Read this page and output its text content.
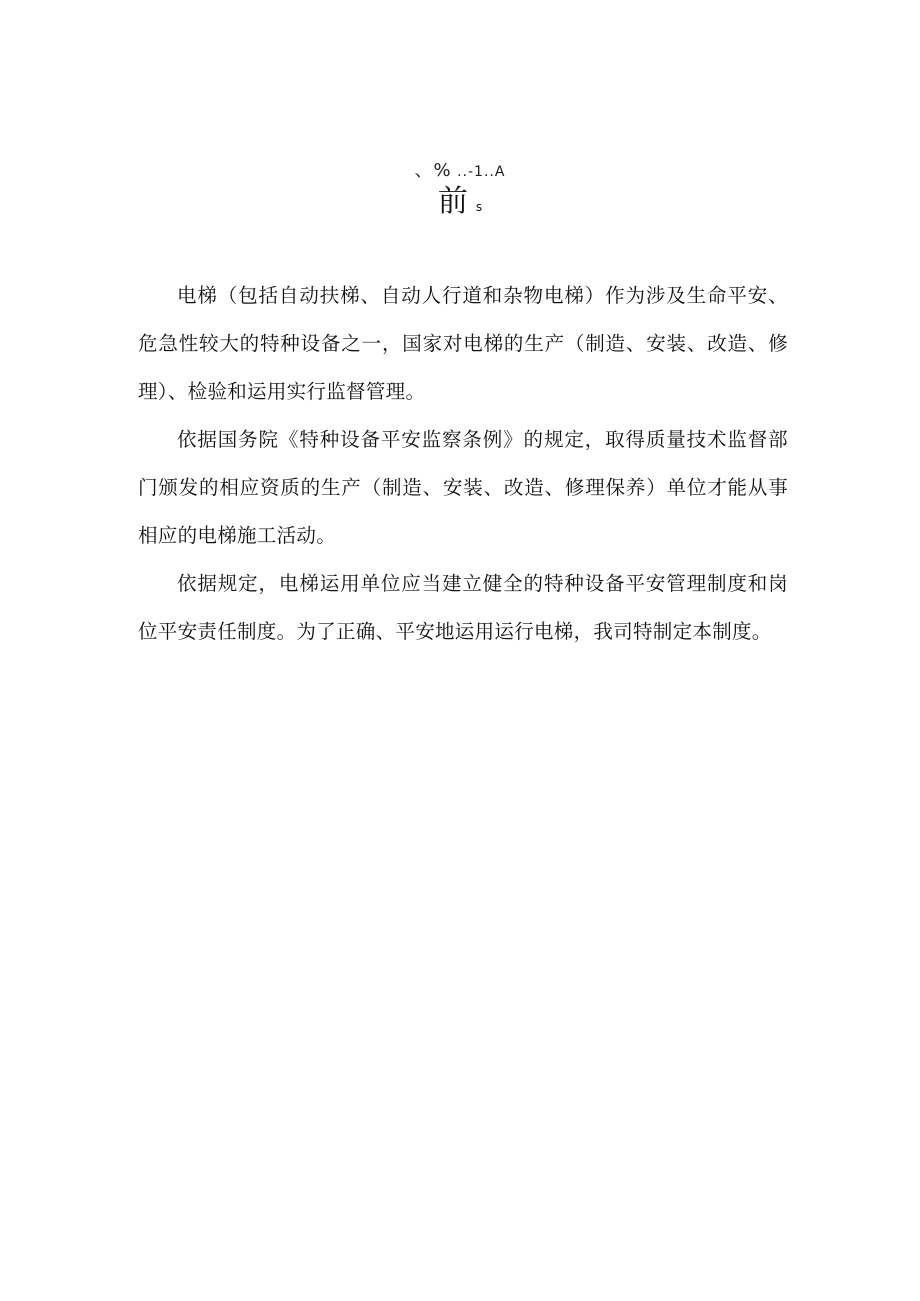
、% ..-1..A
前s

电梯（包括自动扶梯、自动人行道和杂物电梯）作为涉及生命平安、危急性较大的特种设备之一，国家对电梯的生产（制造、安装、改造、修理）、检验和运用实行监督管理。

依据国务院《特种设备平安监察条例》的规定，取得质量技术监督部门颁发的相应资质的生产（制造、安装、改造、修理保养）单位才能从事相应的电梯施工活动。

依据规定，电梯运用单位应当建立健全的特种设备平安管理制度和岗位平安责任制度。为了正确、平安地运用运行电梯，我司特制定本制度。
